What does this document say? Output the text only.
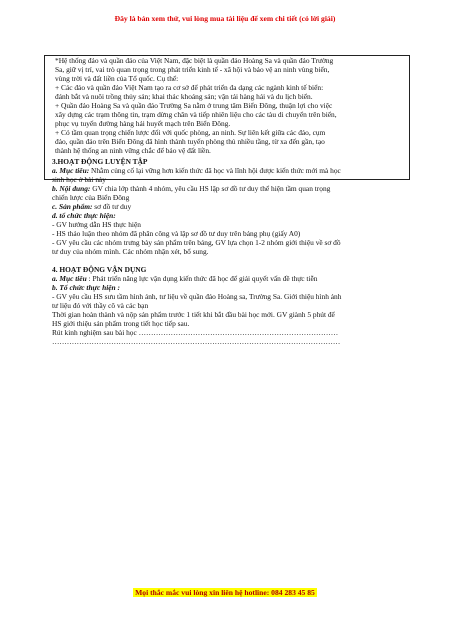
Đây là bản xem thử, vui lòng mua tài liệu để xem chi tiết (có lời giải)

*Hệ thống đảo và quần đảo của Việt Nam, đặc biệt là quần đảo Hoàng Sa và quần đảo Trường

Sa, giữ vị trí, vai trò quan trọng trong phát triển kinh tế - xã hội và bảo vệ an ninh vùng biển,

vùng trời và đất liền của Tổ quốc. Cụ thể:

+ Các đảo và quần đảo Việt Nam tạo ra cơ sở để phát triển đa dạng các ngành kinh tế biển:

đánh bắt và nuôi trồng thủy sản; khai thác khoáng sản; vận tải hàng hải và du lịch biển.

+ Quần đảo Hoàng Sa và quần đảo Trường Sa nằm ở trung tâm Biển Đông, thuận lợi cho việc

xây dựng các trạm thông tin, trạm dừng chân và tiếp nhiên liệu cho các tàu di chuyển trên biển,

phục vụ tuyến đường hàng hải huyết mạch trên Biển Đông.

+ Có tầm quan trọng chiến lược đối với quốc phòng, an ninh. Sự liên kết giữa các đảo, cụm

đảo, quần đảo trên Biển Đông đã hình thành tuyến phòng thủ nhiều tầng, từ xa đến gần, tạo

thành hệ thống an ninh vững chắc để bảo vệ đất liền.

3.HOẠT ĐỘNG LUYỆN TẬP

a. Mục tiêu: Nhằm củng cố lại vững hơn kiến thức đã học và lĩnh hội được kiến thức mới mà học

sinh học ở bài này

b. Nội dung: GV chia lớp thành 4 nhóm, yêu cầu HS lập sơ đồ tư duy thể hiện tầm quan trọng

chiến lược của Biển Đông

c. Sản phẩm: sơ đồ tư duy

d. tổ chức thực hiện:

- GV hướng dẫn HS thực hiện

- HS thảo luận theo nhóm đã phân công và lập sơ đồ tư duy trên bảng phụ (giấy A0)

- GV yêu cầu các nhóm trưng bày sản phẩm trên bảng, GV lựa chọn 1-2 nhóm giới thiệu về sơ đồ

tư duy của nhóm mình. Các nhóm nhận xét, bổ sung.

4. HOẠT ĐỘNG VẬN DỤNG

a. Mục tiêu : Phát triển năng lực vận dụng kiến thức đã học để giải quyết vấn đề thực tiễn

b. Tổ chức thực hiện :

- GV yêu cầu HS sưu tầm hình ảnh, tư liệu về quần đảo Hoàng sa, Trường Sa. Giới thiệu hình ảnh

tư liệu đó với thầy cô và các bạn

Thời gian hoàn thành và nộp sản phẩm trước 1 tiết khi bắt đầu bài học mới. GV giành 5 phút để

HS giới thiệu sản phẩm trong tiết học tiếp sau.

Rút kinh nghiệm sau bài học ………………………………………………………………………

………………………………………………………………………………………………………

Mọi thắc mắc vui lòng xin liên hệ hotline: 084 283 45 85
